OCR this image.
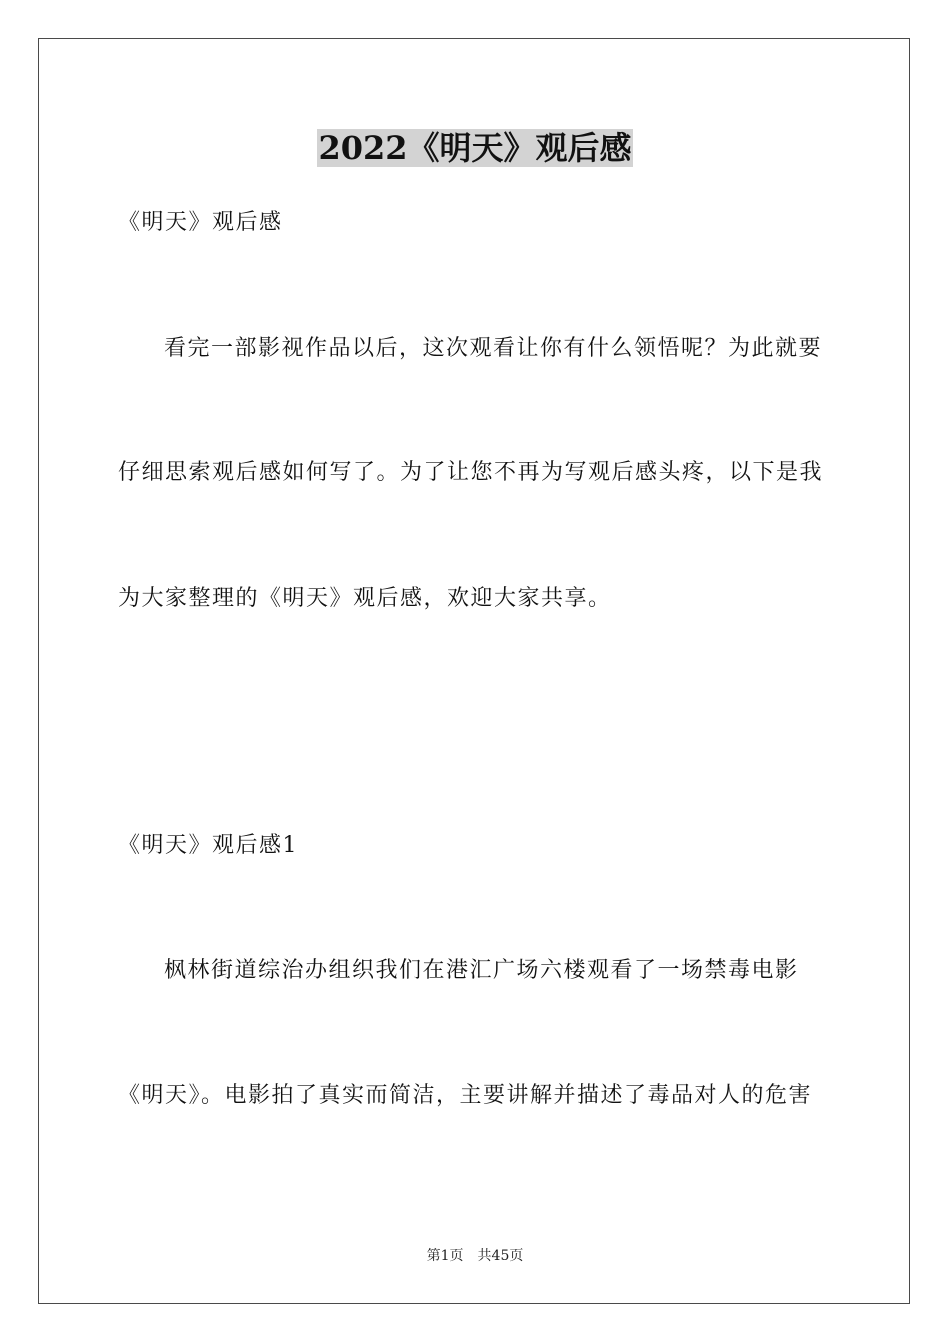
2022《明天》观后感
《明天》观后感
看完一部影视作品以后，这次观看让你有什么领悟呢？为此就要
仔细思索观后感如何写了。为了让您不再为写观后感头疼，以下是我
为大家整理的《明天》观后感，欢迎大家共享。
《明天》观后感1
枫林街道综治办组织我们在港汇广场六楼观看了一场禁毒电影
《明天》。电影拍了真实而简洁，主要讲解并描述了毒品对人的危害
第1页 共45页
